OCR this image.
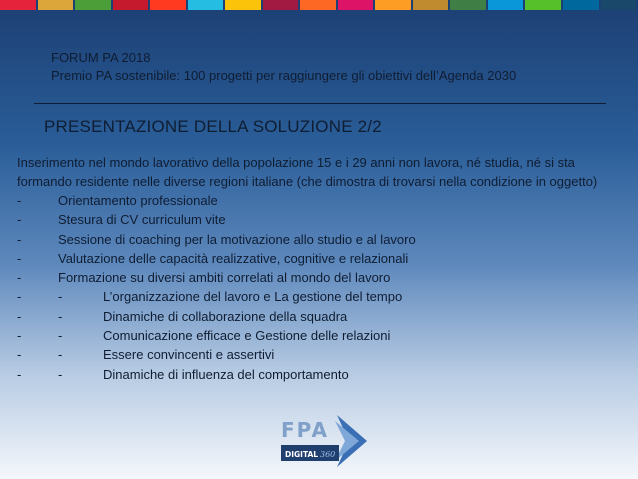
FORUM PA 2018
Premio PA sostenibile: 100 progetti per raggiungere gli obiettivi dell’Agenda 2030
PRESENTAZIONE DELLA SOLUZIONE 2/2

Inserimento nel mondo lavorativo della popolazione 15 e i 29 anni non lavora, né studia, né si sta formando residente nelle diverse regioni italiane (che dimostra di trovarsi nella condizione in oggetto)

-	Orientamento professionale
-	Stesura di CV curriculum vite
-	Sessione di coaching per la motivazione allo studio e al lavoro
-	Valutazione delle capacità realizzative, cognitive e relazionali
-	Formazione su diversi ambiti correlati al mondo del lavoro
-	-	L’organizzazione del lavoro e La gestione del tempo
-	-	Dinamiche di collaborazione della squadra
-	-	Comunicazione efficace e Gestione delle relazioni
-	-	Essere convincenti e assertivi
-	-	Dinamiche di influenza del comportamento
FPA
DIGITAL 360
